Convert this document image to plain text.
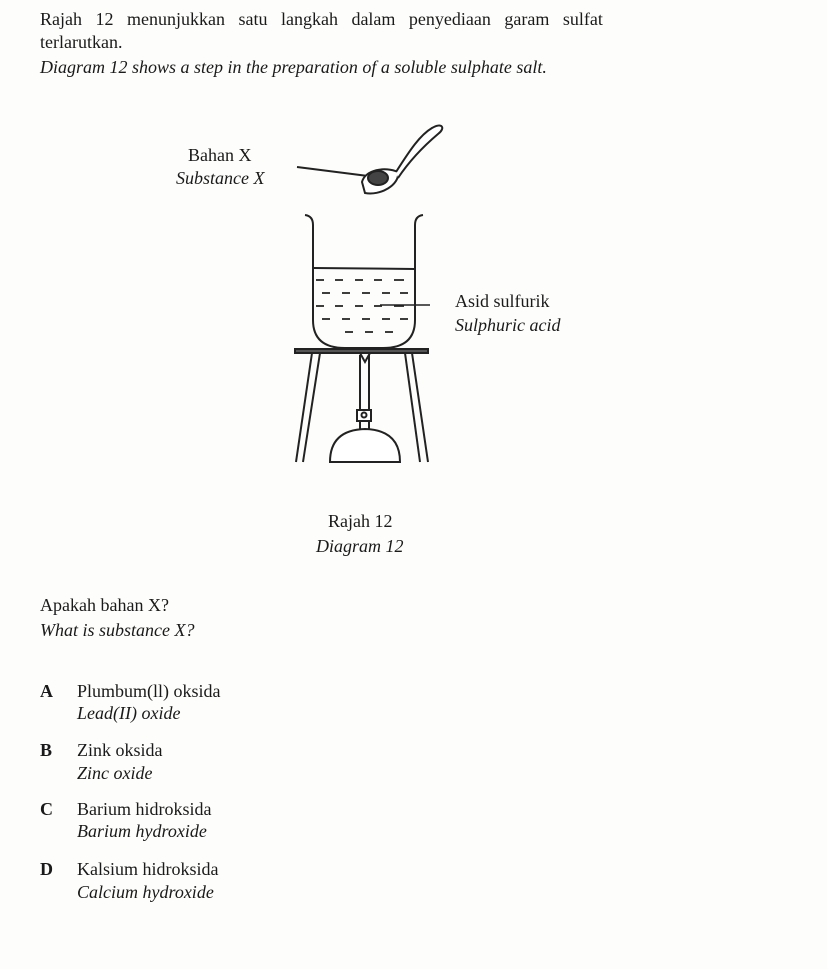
Rajah 12 menunjukkan satu langkah dalam penyediaan garam sulfat
terlarutkan.
Diagram 12 shows a step in the preparation of a soluble sulphate salt.
Bahan X
Substance X
Asid sulfurik
Sulphuric acid
Rajah 12
Diagram 12
Apakah bahan X?
What is substance X?
A Plumbum(ll) oksida
Lead(II) oxide
B Zink oksida
Zinc oxide
C Barium hidroksida
Barium hydroxide
D Kalsium hidroksida
Calcium hydroxide
